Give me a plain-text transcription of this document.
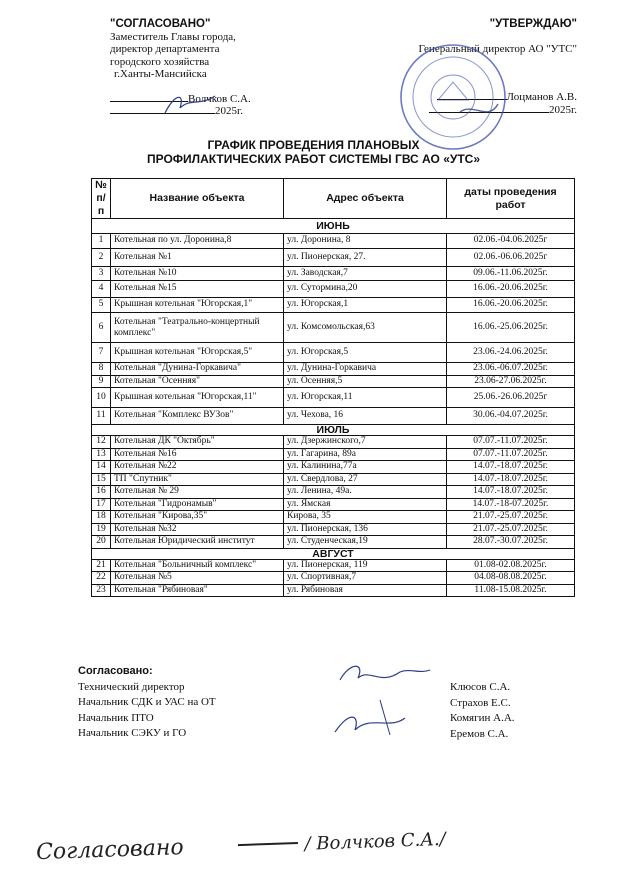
"СОГЛАСОВАНО"
Заместитель Главы города,
директор департамента
городского хозяйства
г.Ханты-Мансийска
Волчков С.А.
2025г.
"УТВЕРЖДАЮ"
Генеральный директор АО "УТС"
Лоцманов А.В.
2025г.
ГРАФИК ПРОВЕДЕНИЯ ПЛАНОВЫХ
ПРОФИЛАКТИЧЕСКИХ РАБОТ СИСТЕМЫ ГВС АО «УТС»
№ п/п	Название объекта	Адрес объекта	даты проведения работ
ИЮНЬ			
1	Котельная по ул. Доронина,8	ул. Доронина, 8	02.06.-04.06.2025г
2	Котельная №1	ул. Пионерская, 27.	02.06.-06.06.2025г
3	Котельная №10	ул. Заводская,7	09.06.-11.06.2025г.
4	Котельная №15	ул. Сутормина,20	16.06.-20.06.2025г.
5	Крышная котельная "Югорская,1"	ул. Югорская,1	16.06.-20.06.2025г.
6	Котельная "Театрально-концертный комплекс"	ул. Комсомольская,63	16.06.-25.06.2025г.
7	Крышная котельная "Югорская,5"	ул. Югорская,5	23.06.-24.06.2025г.
8	Котельная "Дунина-Горкавича"	ул. Дунина-Горкавича	23.06.-06.07.2025г.
9	Котельная "Осенняя"	ул. Осенняя,5	23.06-27.06.2025г.
10	Крышная котельная "Югорская,11"	ул. Югорская,11	25.06.-26.06.2025г
11	Котельная "Комплекс ВУЗов"	ул. Чехова, 16	30.06.-04.07.2025г.
ИЮЛЬ			
12	Котельная ДК "Октябрь"	ул. Дзержинского,7	07.07.-11.07.2025г.
13	Котельная №16	ул. Гагарина, 89а	07.07.-11.07.2025г.
14	Котельная №22	ул. Калинина,77а	14.07.-18.07.2025г.
15	ТП "Спутник"	ул. Свердлова, 27	14.07.-18.07.2025г.
16	Котельная № 29	ул. Ленина, 49а.	14.07.-18.07.2025г.
17	Котельная "Гидронамыв"	ул. Ямская	14.07.-18-07.2025г.
18	Котельная "Кирова,35"	Кирова, 35	21.07.-25.07.2025г.
19	Котельная №32	ул. Пионерская, 136	21.07.-25.07.2025г.
20	Котельная Юридический институт	ул. Студенческая,19	28.07.-30.07.2025г.
АВГУСТ			
21	Котельная "Больничный комплекс"	ул. Пионерская, 119	01.08-02.08.2025г.
22	Котельная №5	ул. Спортивная,7	04.08-08.08.2025г.
23	Котельная "Рябиновая"	ул. Рябиновая	11.08-15.08.2025г.
Согласовано:
Технический директор
Начальник СДК и УАС на ОТ
Начальник ПТО
Начальник СЭКУ и ГО
Клюсов С.А.
Страхов Е.С.
Комягин А.А.
Еремов С.А.
Согласовано	/ Волчков С.А./
